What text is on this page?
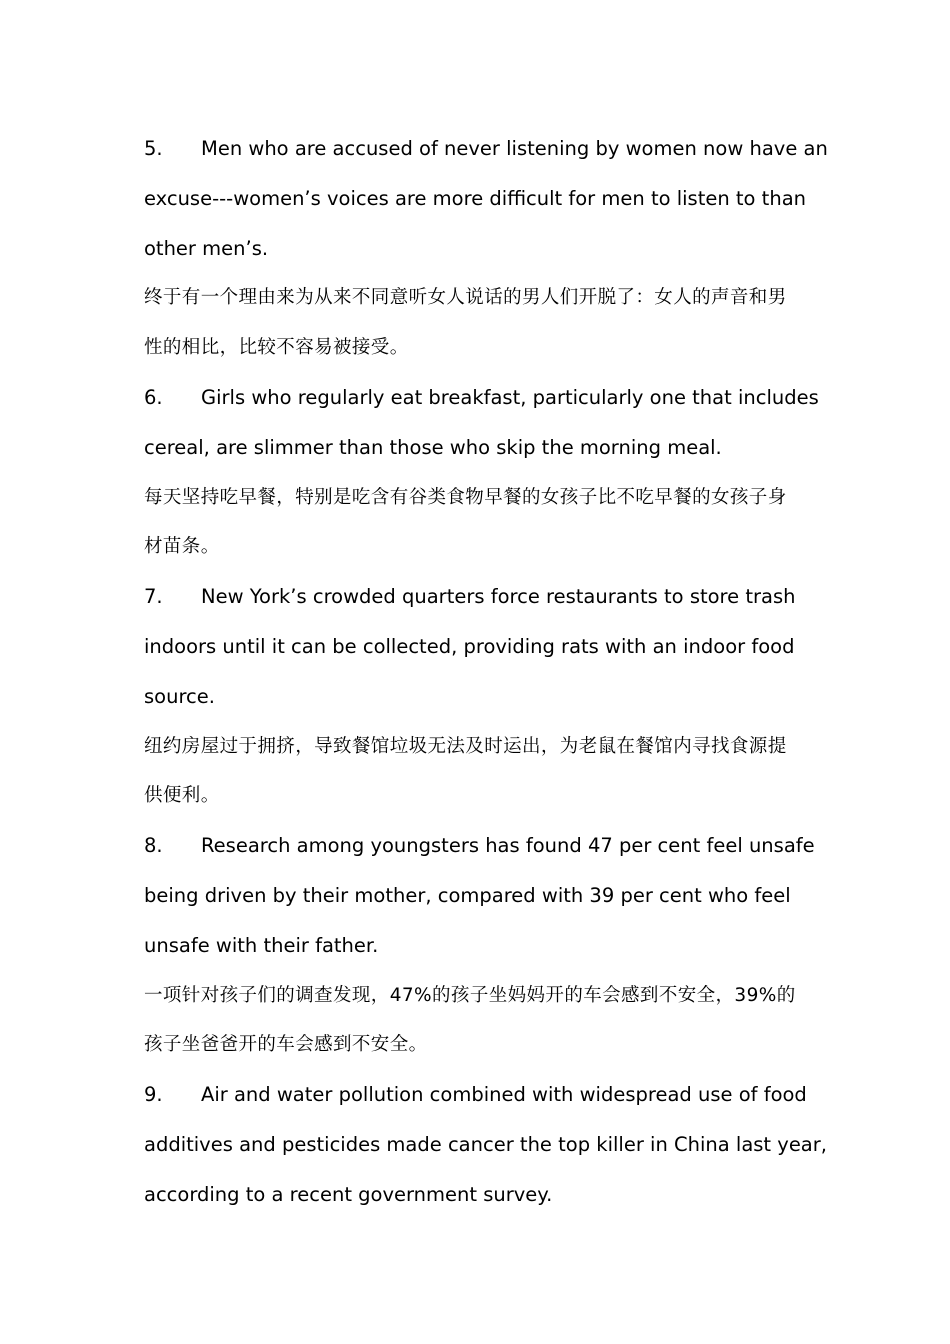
5. Men who are accused of never listening by women now have an
excuse---women’s voices are more difficult for men to listen to than
other men’s.
终于有一个理由来为从来不同意听女人说话的男人们开脱了：女人的声音和男
性的相比，比较不容易被接受。
6. Girls who regularly eat breakfast, particularly one that includes
cereal, are slimmer than those who skip the morning meal.
每天坚持吃早餐，特别是吃含有谷类食物早餐的女孩子比不吃早餐的女孩子身
材苗条。
7. New York’s crowded quarters force restaurants to store trash
indoors until it can be collected, providing rats with an indoor food
source.
纽约房屋过于拥挤，导致餐馆垃圾无法及时运出，为老鼠在餐馆内寻找食源提
供便利。
8. Research among youngsters has found 47 per cent feel unsafe
being driven by their mother, compared with 39 per cent who feel
unsafe with their father.
一项针对孩子们的调查发现，47%的孩子坐妈妈开的车会感到不安全，39%的
孩子坐爸爸开的车会感到不安全。
9. Air and water pollution combined with widespread use of food
additives and pesticides made cancer the top killer in China last year,
according to a recent government survey.
